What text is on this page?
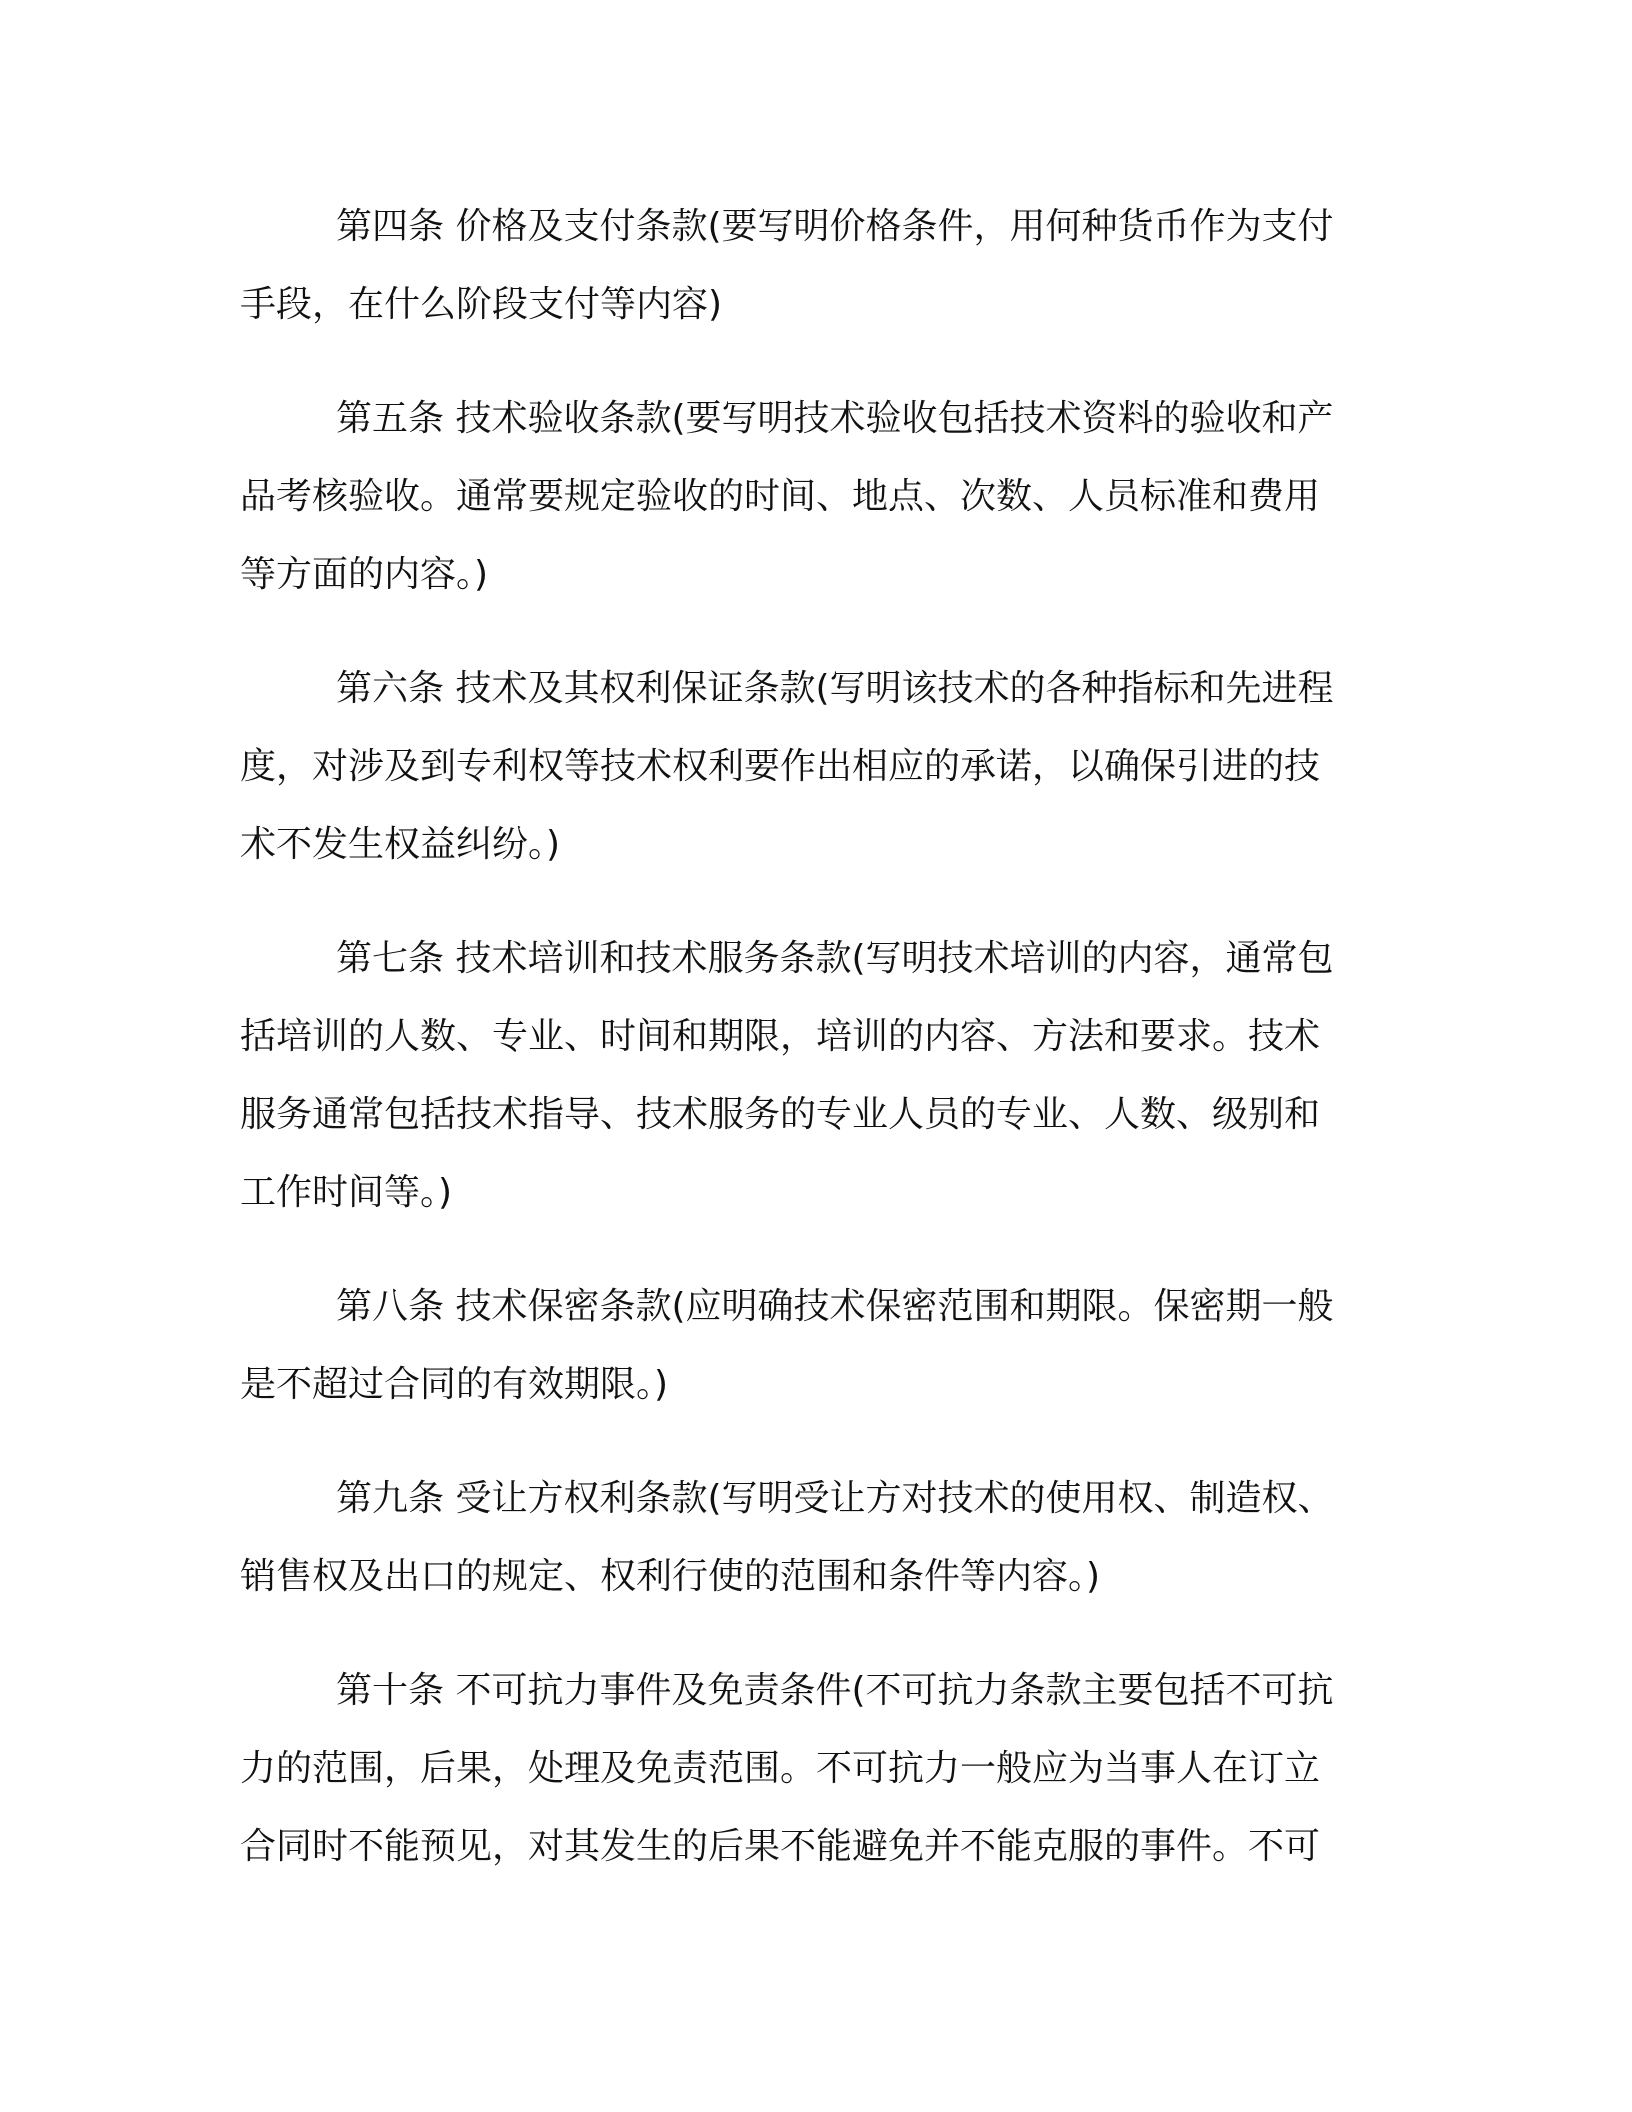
第四条 价格及支付条款(要写明价格条件，用何种货币作为支付
手段，在什么阶段支付等内容)
第五条 技术验收条款(要写明技术验收包括技术资料的验收和产
品考核验收。通常要规定验收的时间、地点、次数、人员标准和费用
等方面的内容。)
第六条 技术及其权利保证条款(写明该技术的各种指标和先进程
度，对涉及到专利权等技术权利要作出相应的承诺，以确保引进的技
术不发生权益纠纷。)
第七条 技术培训和技术服务条款(写明技术培训的内容，通常包
括培训的人数、专业、时间和期限，培训的内容、方法和要求。技术
服务通常包括技术指导、技术服务的专业人员的专业、人数、级别和
工作时间等。)
第八条 技术保密条款(应明确技术保密范围和期限。保密期一般
是不超过合同的有效期限。)
第九条 受让方权利条款(写明受让方对技术的使用权、制造权、
销售权及出口的规定、权利行使的范围和条件等内容。)
第十条 不可抗力事件及免责条件(不可抗力条款主要包括不可抗
力的范围，后果，处理及免责范围。不可抗力一般应为当事人在订立
合同时不能预见，对其发生的后果不能避免并不能克服的事件。不可
